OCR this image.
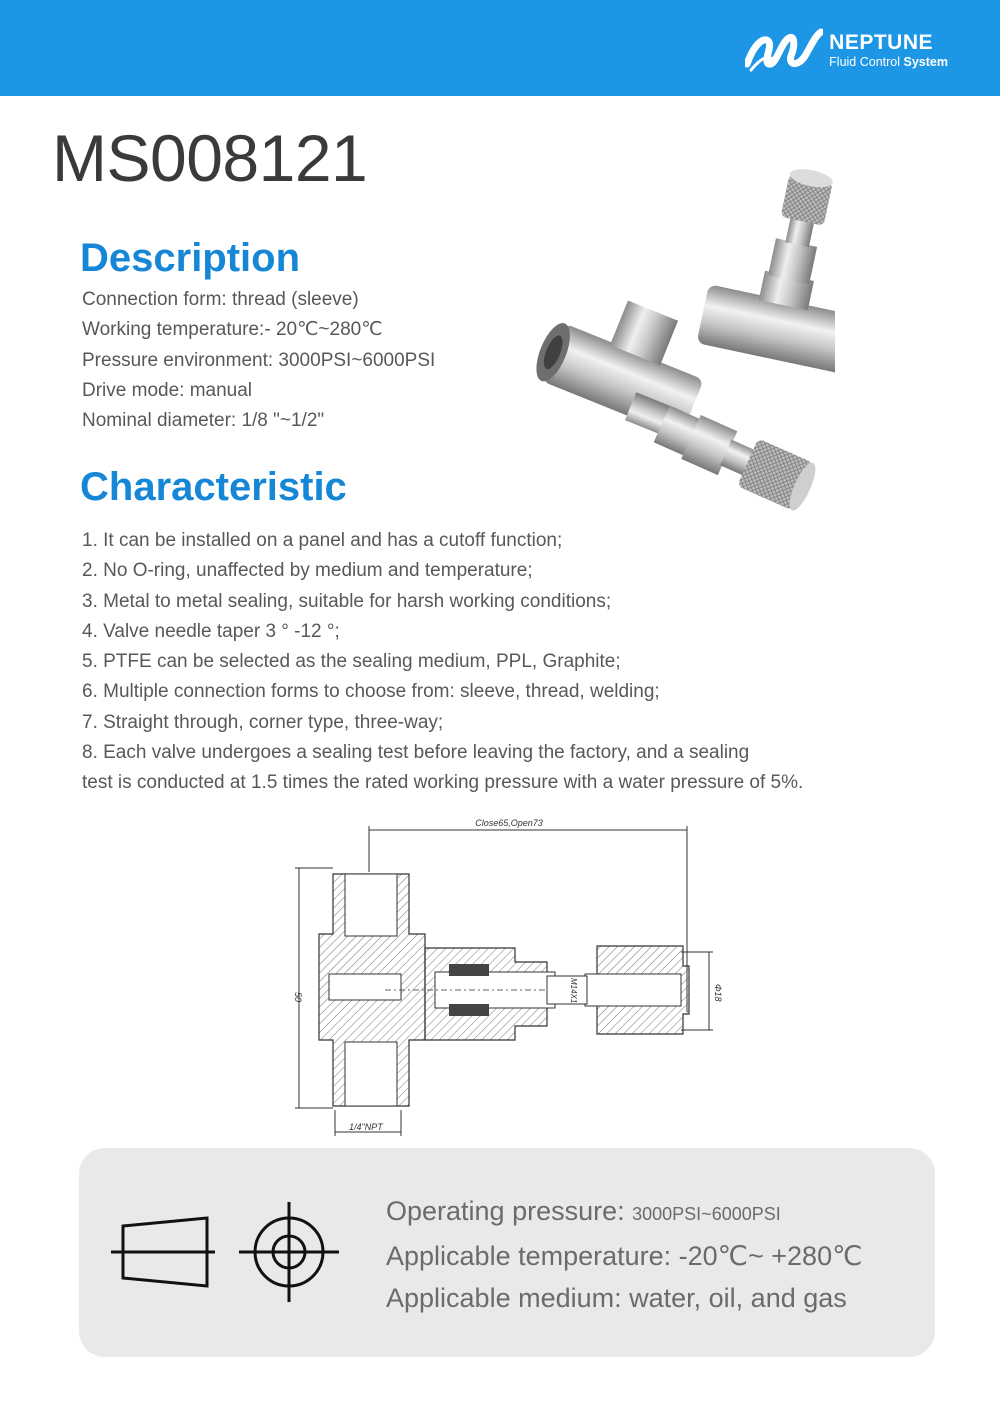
NEPTUNE
Fluid Control System
MS008121
Description
Connection form: thread (sleeve)
Working temperature:- 20℃~280℃
Pressure environment: 3000PSI~6000PSI
Drive mode: manual
Nominal diameter: 1/8 "~1/2"
Characteristic
1. It can be installed on a panel and has a cutoff function;
2. No O-ring, unaffected by medium and temperature;
3. Metal to metal sealing, suitable for harsh working conditions;
4. Valve needle taper 3 ° -12 °;
5. PTFE can be selected as the sealing medium, PPL, Graphite;
6. Multiple connection forms to choose from: sleeve, thread, welding;
7. Straight through, corner type, three-way;
8. Each valve undergoes a sealing test before leaving the factory, and a sealing
test is conducted at 1.5 times the rated working pressure with a water pressure of 5%.
Close65,Open73
50	Φ18
1/4"NPT
M14X1
Operating pressure: 3000PSI~6000PSI
Applicable temperature: -20℃~ +280℃
Applicable medium: water, oil, and gas
